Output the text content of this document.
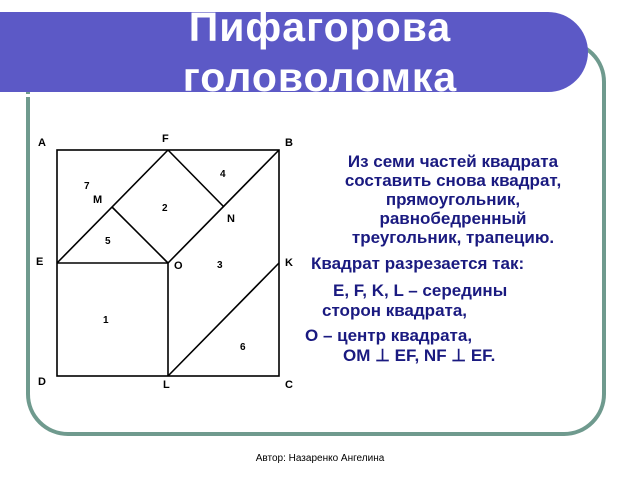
Пифагорова
головоломка
A	F	B
E	O	K
D	L	C
M
N
1
2
3
4
5
6
7
Из семи частей квадрата
составить снова квадрат,
прямоугольник,
равнобедренный
треугольник, трапецию.
Квадрат разрезается так:
E, F, K, L – середины
сторон квадрата,
О – центр квадрата,
ОМ ⊥ EF, NF ⊥ EF.
Автор: Назаренко Ангелина
